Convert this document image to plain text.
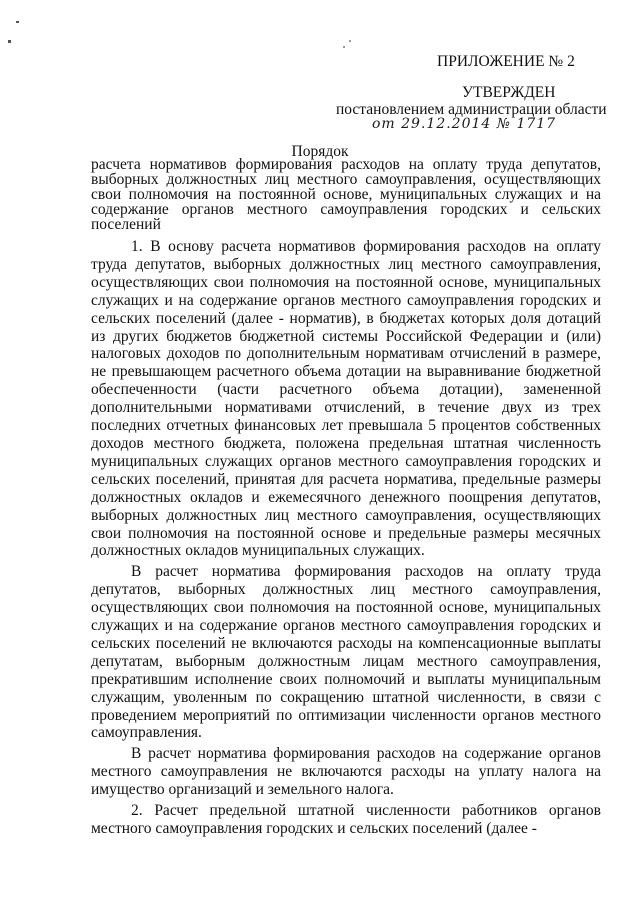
ПРИЛОЖЕНИЕ № 2
УТВЕРЖДЕН
постановлением администрации области
от 29.12.2014 № 1717
Порядок
расчета нормативов формирования расходов на оплату труда депутатов, выборных должностных лиц местного самоуправления, осуществляющих свои полномочия на постоянной основе, муниципальных служащих и на содержание органов местного самоуправления городских и сельских поселений

1. В основу расчета нормативов формирования расходов на оплату труда депутатов, выборных должностных лиц местного самоуправления, осуществляющих свои полномочия на постоянной основе, муниципальных служащих и на содержание органов местного самоуправления городских и сельских поселений (далее - норматив), в бюджетах которых доля дотаций из других бюджетов бюджетной системы Российской Федерации и (или) налоговых доходов по дополнительным нормативам отчислений в размере, не превышающем расчетного объема дотации на выравнивание бюджетной обеспеченности (части расчетного объема дотации), замененной дополнительными нормативами отчислений, в течение двух из трех последних отчетных финансовых лет превышала 5 процентов собственных доходов местного бюджета, положена предельная штатная численность муниципальных служащих органов местного самоуправления городских и сельских поселений, принятая для расчета норматива, предельные размеры должностных окладов и ежемесячного денежного поощрения депутатов, выборных должностных лиц местного самоуправления, осуществляющих свои полномочия на постоянной основе и предельные размеры месячных должностных окладов муниципальных служащих.

В расчет норматива формирования расходов на оплату труда депутатов, выборных должностных лиц местного самоуправления, осуществляющих свои полномочия на постоянной основе, муниципальных служащих и на содержание органов местного самоуправления городских и сельских поселений не включаются расходы на компенсационные выплаты депутатам, выборным должностным лицам местного самоуправления, прекратившим исполнение своих полномочий и выплаты муниципальным служащим, уволенным по сокращению штатной численности, в связи с проведением мероприятий по оптимизации численности органов местного самоуправления.

В расчет норматива формирования расходов на содержание органов местного самоуправления не включаются расходы на уплату налога на имущество организаций и земельного налога.

2. Расчет предельной штатной численности работников органов местного самоуправления городских и сельских поселений (далее -
